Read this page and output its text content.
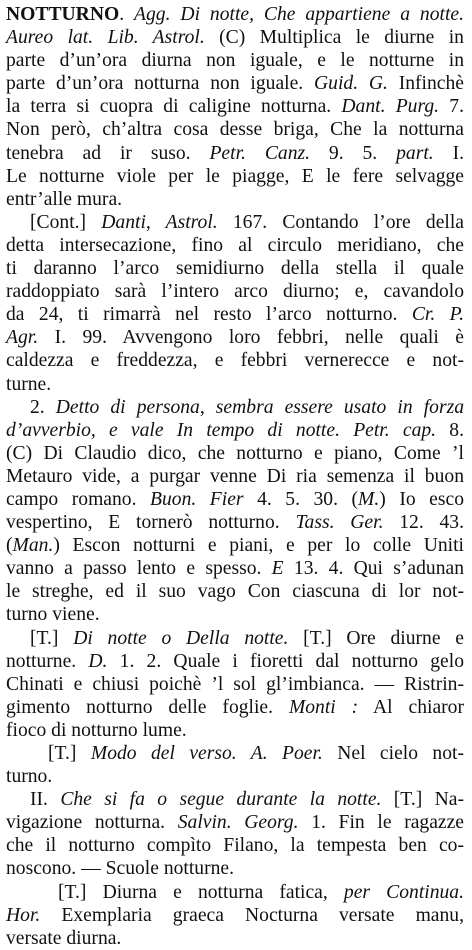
NOTTURNO. Agg. Di notte, Che appartiene a notte.
Aureo lat. Lib. Astrol. (C) Multiplica le diurne in
parte d’un’ora diurna non iguale, e le notturne in
parte d’un’ora notturna non iguale. Guid. G. Infinchè
la terra si cuopra di caligine notturna. Dant. Purg. 7.
Non però, ch’altra cosa desse briga, Che la notturna
tenebra ad ir suso. Petr. Canz. 9. 5. part. I.
Le notturne viole per le piagge, E le fere selvagge
entr’alle mura.
[Cont.] Danti, Astrol. 167. Contando l’ore della
detta intersecazione, fino al circulo meridiano, che
ti daranno l’arco semidiurno della stella il quale
raddoppiato sarà l’intero arco diurno; e, cavandolo
da 24, ti rimarrà nel resto l’arco notturno. Cr. P.
Agr. I. 99. Avvengono loro febbri, nelle quali è
caldezza e freddezza, e febbri vernerecce e not-
turne.
2. Detto di persona, sembra essere usato in forza
d’avverbio, e vale In tempo di notte. Petr. cap. 8.
(C) Di Claudio dico, che notturno e piano, Come ’l
Metauro vide, a purgar venne Di ria semenza il buon
campo romano. Buon. Fier 4. 5. 30. (M.) Io esco
vespertino, E tornerò notturno. Tass. Ger. 12. 43.
(Man.) Escon notturni e piani, e per lo colle Uniti
vanno a passo lento e spesso. E 13. 4. Qui s’adunan
le streghe, ed il suo vago Con ciascuna di lor not-
turno viene.
[T.] Di notte o Della notte. [T.] Ore diurne e
notturne. D. 1. 2. Quale i fioretti dal notturno gelo
Chinati e chiusi poichè ’l sol gl’imbianca. — Ristrin-
gimento notturno delle foglie. Monti : Al chiaror
fioco di notturno lume.
[T.] Modo del verso. A. Poer. Nel cielo not-
turno.
II. Che si fa o segue durante la notte. [T.] Na-
vigazione notturna. Salvin. Georg. 1. Fin le ragazze
che il notturno compìto Filano, la tempesta ben co-
noscono. — Scuole notturne.
[T.] Diurna e notturna fatica, per Continua.
Hor. Exemplaria graeca Nocturna versate manu,
versate diurna.
